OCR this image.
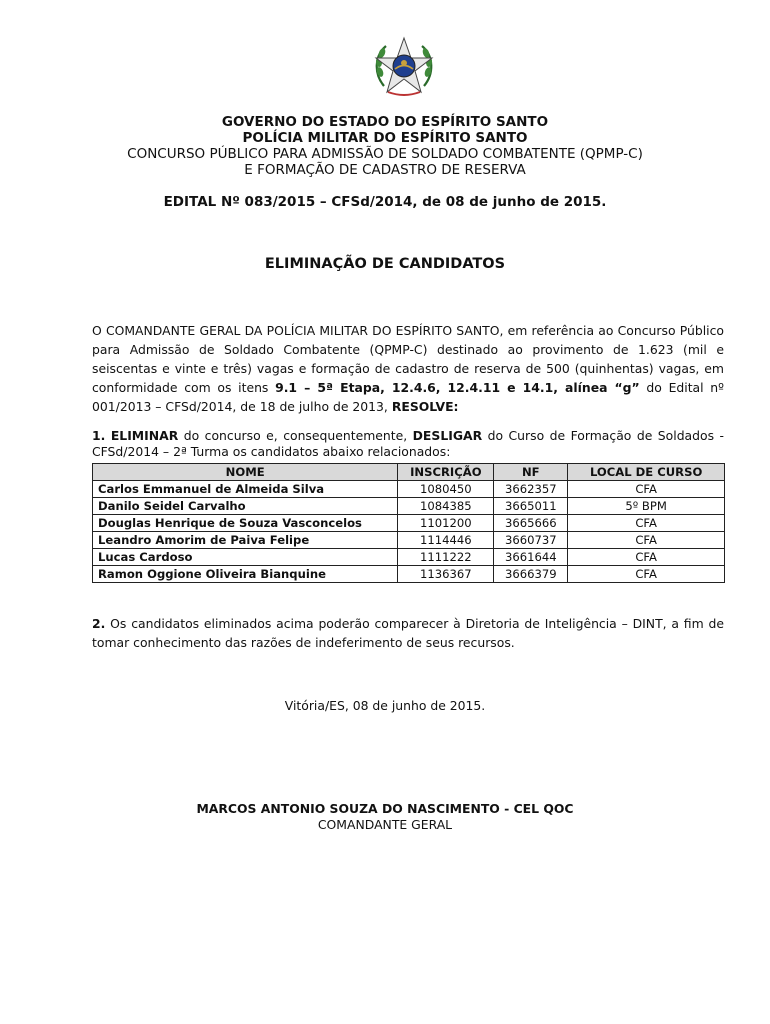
GOVERNO DO ESTADO DO ESPÍRITO SANTO
POLÍCIA MILITAR DO ESPÍRITO SANTO
CONCURSO PÚBLICO PARA ADMISSÃO DE SOLDADO COMBATENTE (QPMP-C)
E FORMAÇÃO DE CADASTRO DE RESERVA
EDITAL Nº 083/2015 – CFSd/2014, de 08 de junho de 2015.
ELIMINAÇÃO DE CANDIDATOS
O COMANDANTE GERAL DA POLÍCIA MILITAR DO ESPÍRITO SANTO, em referência ao Concurso Público para Admissão de Soldado Combatente (QPMP-C) destinado ao provimento de 1.623 (mil e seiscentas e vinte e três) vagas e formação de cadastro de reserva de 500 (quinhentas) vagas, em conformidade com os itens 9.1 – 5ª Etapa, 12.4.6, 12.4.11 e 14.1, alínea “g” do Edital nº 001/2013 – CFSd/2014, de 18 de julho de 2013, RESOLVE:
1. ELIMINAR do concurso e, consequentemente, DESLIGAR do Curso de Formação de Soldados - CFSd/2014 – 2ª Turma os candidatos abaixo relacionados:
NOME	INSCRIÇÃO	NF	LOCAL DE CURSO
Carlos Emmanuel de Almeida Silva	1080450	3662357	CFA
Danilo Seidel Carvalho	1084385	3665011	5º BPM
Douglas Henrique de Souza Vasconcelos	1101200	3665666	CFA
Leandro Amorim de Paiva Felipe	1114446	3660737	CFA
Lucas Cardoso	1111222	3661644	CFA
Ramon Oggione Oliveira Bianquine	1136367	3666379	CFA
2. Os candidatos eliminados acima poderão comparecer à Diretoria de Inteligência – DINT, a fim de tomar conhecimento das razões de indeferimento de seus recursos.
Vitória/ES, 08 de junho de 2015.
MARCOS ANTONIO SOUZA DO NASCIMENTO - CEL QOC
COMANDANTE GERAL
